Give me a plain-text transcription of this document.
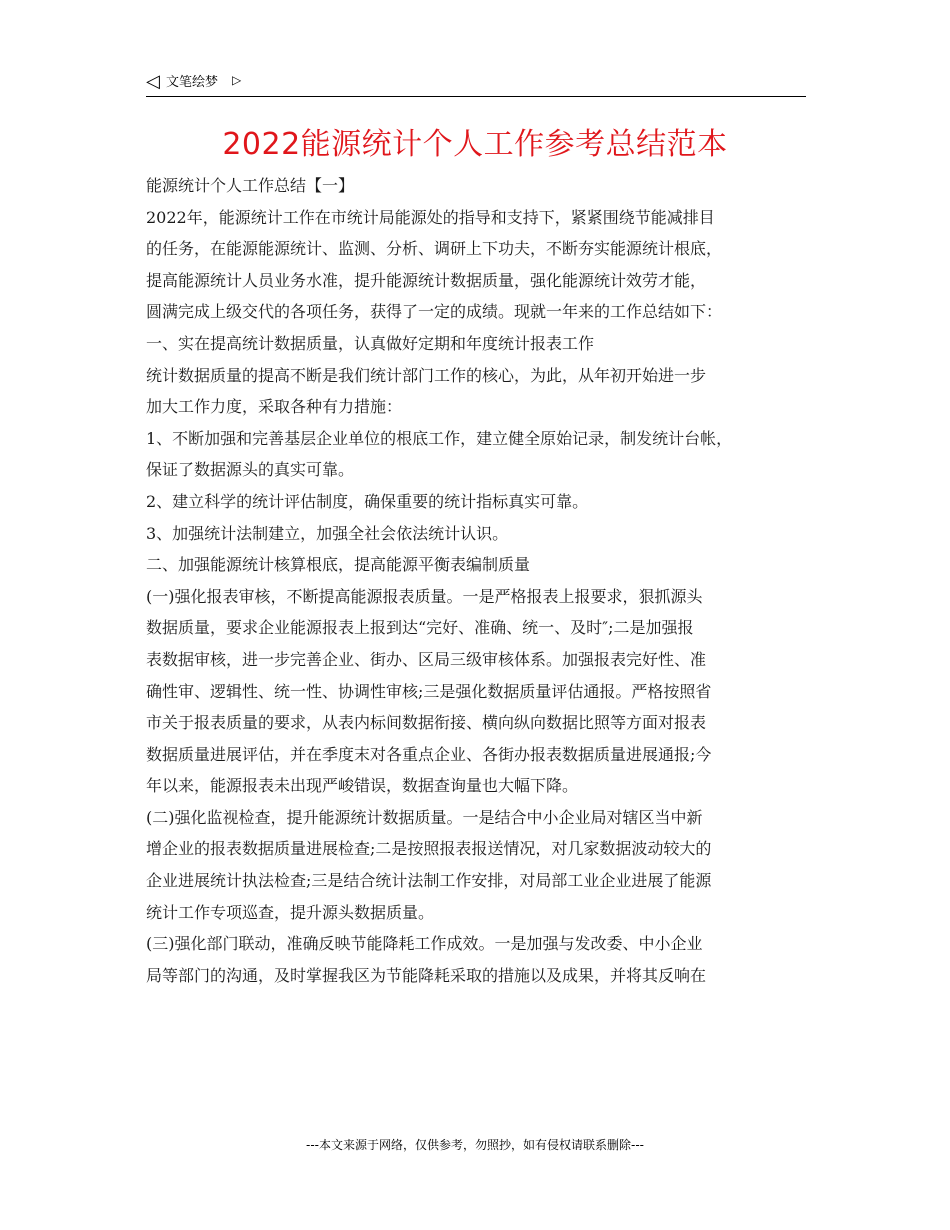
◁ 文笔绘梦 ▷
2022能源统计个人工作参考总结范本
能源统计个人工作总结【一】
2022年，能源统计工作在市统计局能源处的指导和支持下，紧紧围绕节能减排目
的任务，在能源能源统计、监测、分析、调研上下功夫，不断夯实能源统计根底，
提高能源统计人员业务水准，提升能源统计数据质量，强化能源统计效劳才能，
圆满完成上级交代的各项任务，获得了一定的成绩。现就一年来的工作总结如下：
一、实在提高统计数据质量，认真做好定期和年度统计报表工作
统计数据质量的提高不断是我们统计部门工作的核心，为此，从年初开始进一步
加大工作力度，采取各种有力措施：
1、不断加强和完善基层企业单位的根底工作，建立健全原始记录，制发统计台帐，
保证了数据源头的真实可靠。
2、建立科学的统计评估制度，确保重要的统计指标真实可靠。
3、加强统计法制建立，加强全社会依法统计认识。
二、加强能源统计核算根底，提高能源平衡表编制质量
(一)强化报表审核，不断提高能源报表质量。一是严格报表上报要求，狠抓源头
数据质量，要求企业能源报表上报到达“完好、准确、统一、及时″;二是加强报
表数据审核，进一步完善企业、街办、区局三级审核体系。加强报表完好性、准
确性审、逻辑性、统一性、协调性审核;三是强化数据质量评估通报。严格按照省
市关于报表质量的要求，从表内标间数据衔接、横向纵向数据比照等方面对报表
数据质量进展评估，并在季度末对各重点企业、各街办报表数据质量进展通报;今
年以来，能源报表未出现严峻错误，数据查询量也大幅下降。
(二)强化监视检查，提升能源统计数据质量。一是结合中小企业局对辖区当中新
增企业的报表数据质量进展检查;二是按照报表报送情况，对几家数据波动较大的
企业进展统计执法检查;三是结合统计法制工作安排，对局部工业企业进展了能源
统计工作专项巡查，提升源头数据质量。
(三)强化部门联动，准确反映节能降耗工作成效。一是加强与发改委、中小企业
局等部门的沟通，及时掌握我区为节能降耗采取的措施以及成果，并将其反响在
---本文来源于网络，仅供参考，勿照抄，如有侵权请联系删除---
